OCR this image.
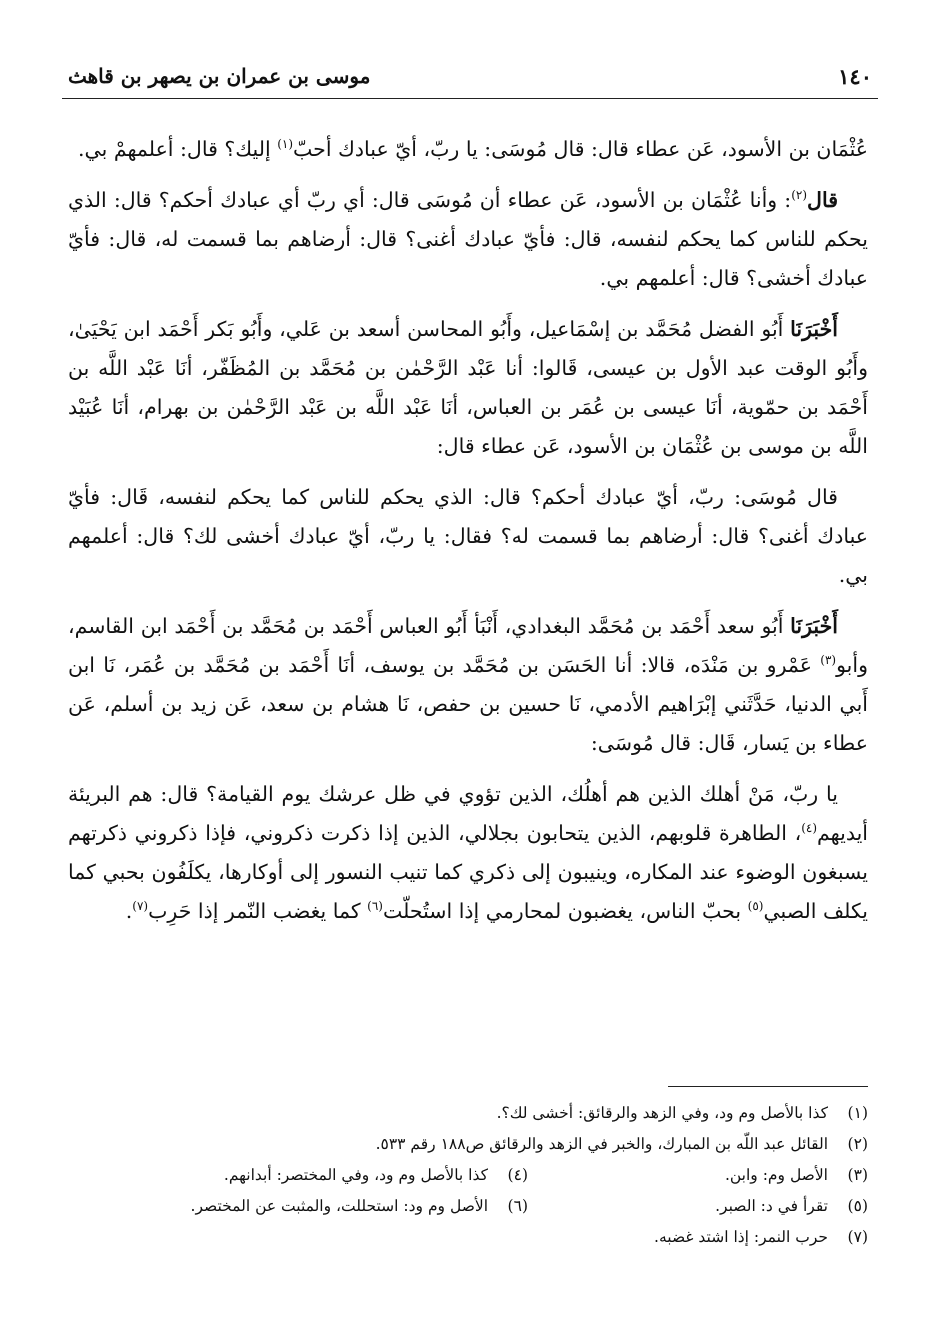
١٤٠
موسى بن عمران بن يصهر بن قاهث

عُثْمَان بن الأسود، عَن عطاء قال: قال مُوسَى: يا ربّ، أيّ عبادك أحبّ$^{(١)}$ إليك؟ قال: أعلمهمْ بي.

قال$^{(٢)}$: وأنا عُثْمَان بن الأسود، عَن عطاء أن مُوسَى قال: أي ربّ أي عبادك أحكم؟ قال: الذي يحكم للناس كما يحكم لنفسه، قال: فأيّ عبادك أغنى؟ قال: أرضاهم بما قسمت له، قال: فأيّ عبادك أخشى؟ قال: أعلمهم بي.

أَخْبَرَنَا أَبُو الفضل مُحَمَّد بن إسْمَاعيل، وأَبُو المحاسن أسعد بن عَلي، وأَبُو بَكر أَحْمَد ابن يَحْيَىٰ، وأَبُو الوقت عبد الأول بن عيسى، قَالوا: أنا عَبْد الرَّحْمٰن بن مُحَمَّد بن المُظَفّر، أنَا عَبْد اللَّه بن أَحْمَد بن حمّوية، أنَا عيسى بن عُمَر بن العباس، أنَا عَبْد اللَّه بن عَبْد الرَّحْمٰن بن بهرام، أنَا عُبَيْد اللَّه بن موسى بن عُثْمَان بن الأسود، عَن عطاء قال:

قال مُوسَى: ربّ، أيّ عبادك أحكم؟ قال: الذي يحكم للناس كما يحكم لنفسه، قَال: فأيّ عبادك أغنى؟ قال: أرضاهم بما قسمت له؟ فقال: يا ربّ، أيّ عبادك أخشى لك؟ قال: أعلمهم بي.

أَخْبَرَنَا أَبُو سعد أَحْمَد بن مُحَمَّد البغدادي، أَنْبَأ أَبُو العباس أَحْمَد بن مُحَمَّد بن أَحْمَد ابن القاسم، وأبو$^{(٣)}$ عَمْرو بن مَنْدَه، قالا: أنا الحَسَن بن مُحَمَّد بن يوسف، أنَا أَحْمَد بن مُحَمَّد بن عُمَر، نَا ابن أَبي الدنيا، حَدَّثَني إبْرَاهيم الأدمي، نَا حسين بن حفص، نَا هشام بن سعد، عَن زيد بن أسلم، عَن عطاء بن يَسار، قَال: قال مُوسَى:

يا ربّ، مَنْ أهلك الذين هم أهلُك، الذين تؤوي في ظل عرشك يوم القيامة؟ قال: هم البريئة أيديهم$^{(٤)}$، الطاهرة قلوبهم، الذين يتحابون بجلالي، الذين إذا ذكرت ذكروني، فإذا ذكروني ذكرتهم يسبغون الوضوء عند المكاره، وينيبون إلى ذكري كما تنيب النسور إلى أوكارها، يكلَفُون بحبي كما يكلف الصبي$^{(٥)}$ بحبّ الناس، يغضبون لمحارمي إذا استُحلّت$^{(٦)}$ كما يغضب النّمر إذا حَرِب$^{(٧)}$.

(١)
كذا بالأصل وم ود، وفي الزهد والرقائق: أخشى لك؟.
(٢)
القائل عبد اللّه بن المبارك، والخبر في الزهد والرقائق ص١٨٨ رقم ٥٣٣.
(٣)
الأصل وم: وابن.
(٤)
كذا بالأصل وم ود، وفي المختصر: أبدانهم.
(٥)
تقرأ في د: الصبر.
(٦)
الأصل وم ود: استحللت، والمثبت عن المختصر.
(٧)
حرب النمر: إذا اشتد غضبه.
